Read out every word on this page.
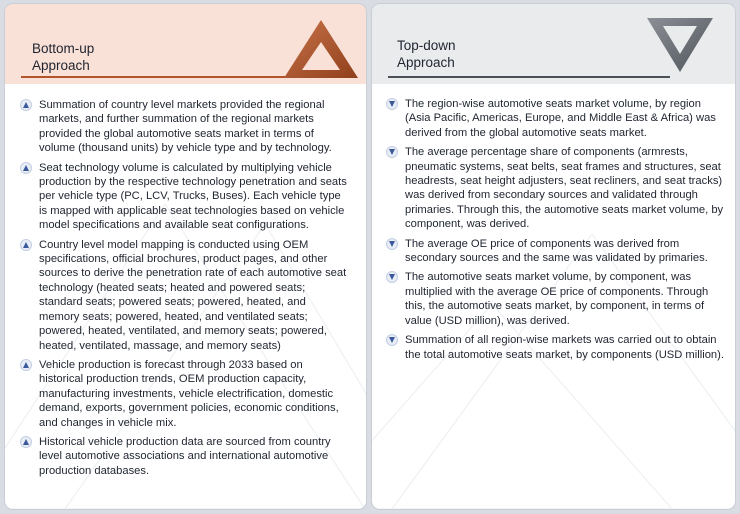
Bottom-up
Approach
Summation of country level markets provided the regional markets, and further summation of the regional markets provided the global automotive seats market in terms of volume (thousand units) by vehicle type and by technology.
Seat technology volume is calculated by multiplying vehicle production by the respective technology penetration and seats per vehicle type (PC, LCV, Trucks, Buses). Each vehicle type is mapped with applicable seat technologies based on vehicle model specifications and available seat configurations.
Country level model mapping is conducted using OEM specifications, official brochures, product pages, and other sources to derive the penetration rate of each automotive seat technology (heated seats; heated and powered seats; standard seats; powered seats; powered, heated, and memory seats; powered, heated, and ventilated seats; powered, heated, ventilated, and memory seats; powered, heated, ventilated, massage, and memory seats)
Vehicle production is forecast through 2033 based on historical production trends, OEM production capacity, manufacturing investments, vehicle electrification, domestic demand, exports, government policies, economic conditions, and changes in vehicle mix.
Historical vehicle production data are sourced from country level automotive associations and international automotive production databases.
Top-down
Approach
The region-wise automotive seats market volume, by region (Asia Pacific, Americas, Europe, and Middle East & Africa) was derived from the global automotive seats market.
The average percentage share of components (armrests, pneumatic systems, seat belts, seat frames and structures, seat headrests, seat height adjusters, seat recliners, and seat tracks) was derived from secondary sources and validated through primaries. Through this, the automotive seats market volume, by component, was derived.
The average OE price of components was derived from secondary sources and the same was validated by primaries.
The automotive seats market volume, by component, was multiplied with the average OE price of components. Through this, the automotive seats market, by component, in terms of value (USD million), was derived.
Summation of all region-wise markets was carried out to obtain the total automotive seats market, by components (USD million).
